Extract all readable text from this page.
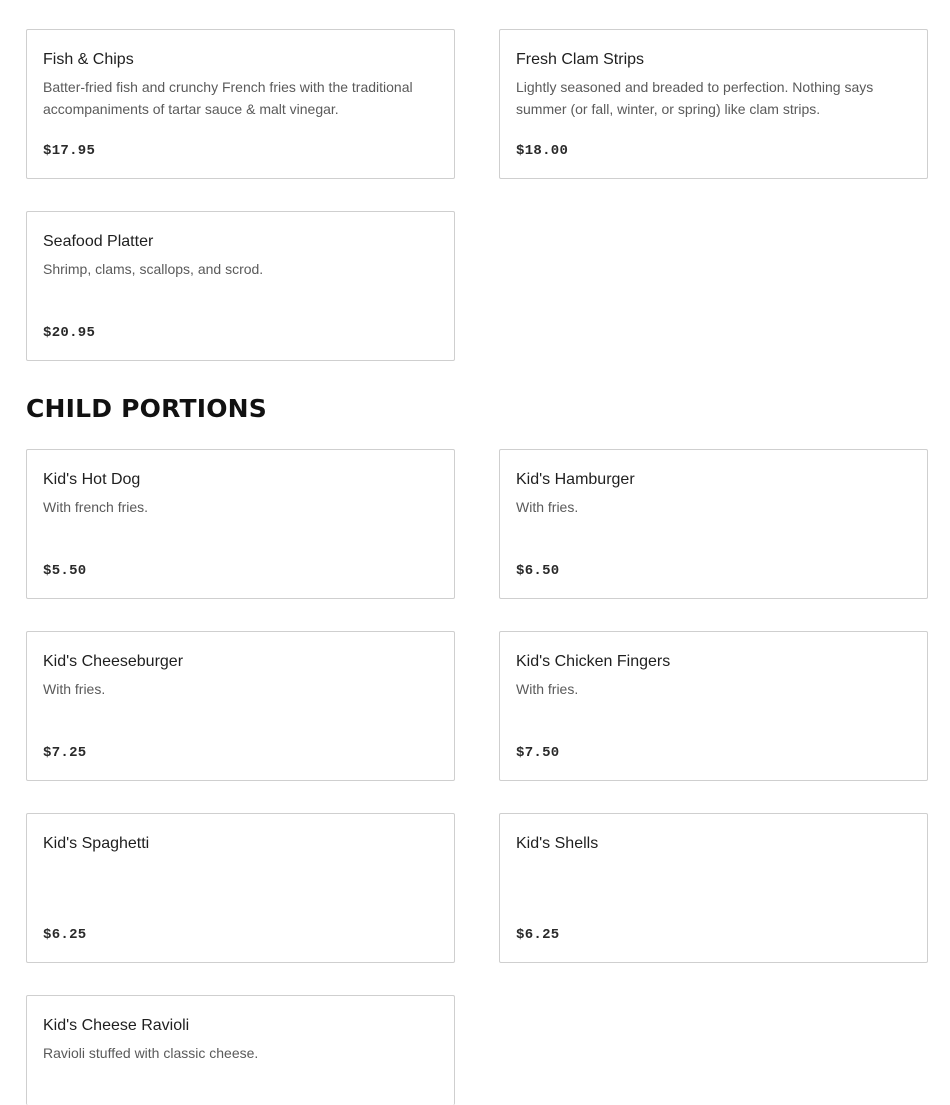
Fish & Chips
Batter-fried fish and crunchy French fries with the traditional accompaniments of tartar sauce & malt vinegar.
$17.95
Fresh Clam Strips
Lightly seasoned and breaded to perfection. Nothing says summer (or fall, winter, or spring) like clam strips.
$18.00
Seafood Platter
Shrimp, clams, scallops, and scrod.
$20.95
CHILD PORTIONS
Kid's Hot Dog
With french fries.
$5.50
Kid's Hamburger
With fries.
$6.50
Kid's Cheeseburger
With fries.
$7.25
Kid's Chicken Fingers
With fries.
$7.50
Kid's Spaghetti
$6.25
Kid's Shells
$6.25
Kid's Cheese Ravioli
Ravioli stuffed with classic cheese.
